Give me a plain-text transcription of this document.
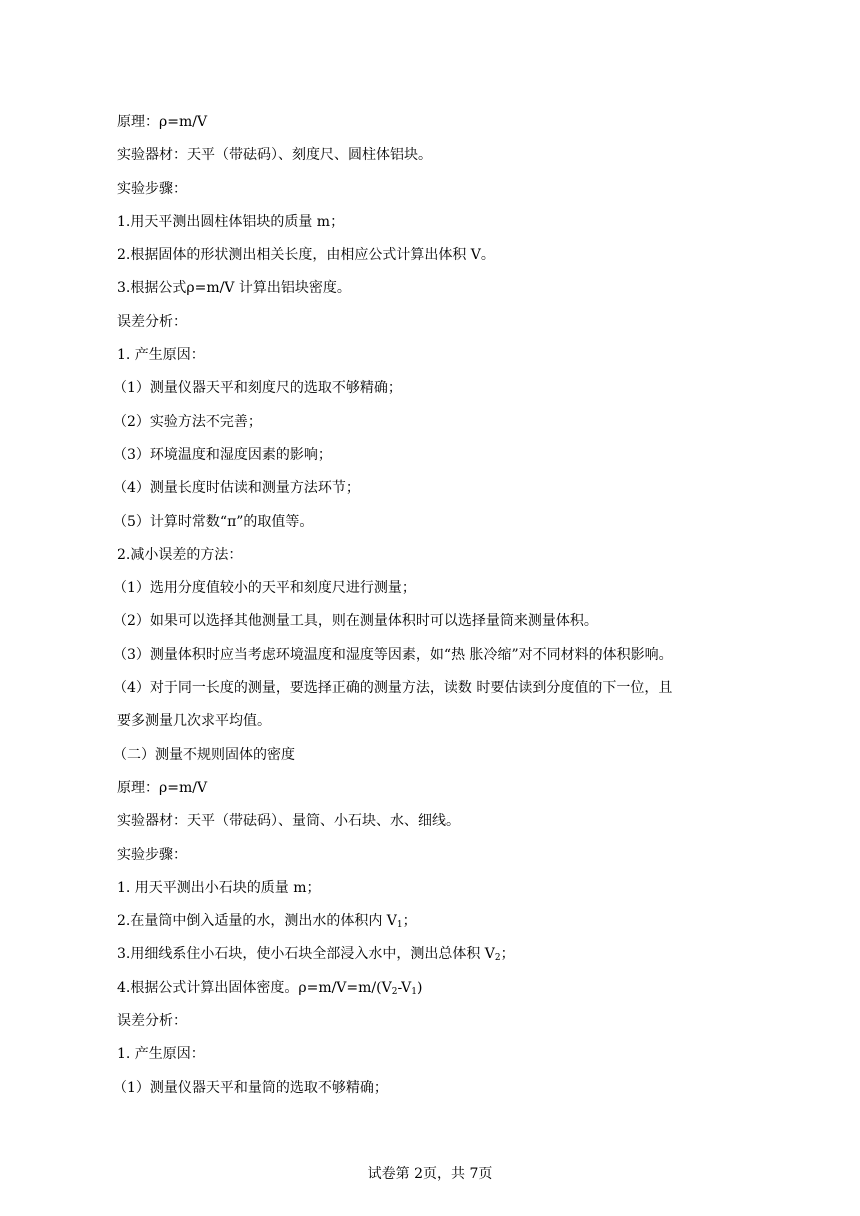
原理：ρ=m/V
实验器材：天平（带砝码）、刻度尺、圆柱体铝块。
实验步骤：
1.用天平测出圆柱体铝块的质量 m；
2.根据固体的形状测出相关长度，由相应公式计算出体积 V。
3.根据公式ρ=m/V 计算出铝块密度。
误差分析：
1. 产生原因：
（1）测量仪器天平和刻度尺的选取不够精确；
（2）实验方法不完善；
（3）环境温度和湿度因素的影响；
（4）测量长度时估读和测量方法环节；
（5）计算时常数“π”的取值等。
2.减小误差的方法：
（1）选用分度值较小的天平和刻度尺进行测量；
（2）如果可以选择其他测量工具，则在测量体积时可以选择量筒来测量体积。
（3）测量体积时应当考虑环境温度和湿度等因素，如“热 胀冷缩”对不同材料的体积影响。
（4）对于同一长度的测量，要选择正确的测量方法，读数 时要估读到分度值的下一位，且
要多测量几次求平均值。
（二）测量不规则固体的密度
原理：ρ=m/V
实验器材：天平（带砝码）、量筒、小石块、水、细线。
实验步骤：
1. 用天平测出小石块的质量 m；
2.在量筒中倒入适量的水，测出水的体积内 $V_1$；
3.用细线系住小石块，使小石块全部浸入水中，测出总体积 $V_2$；
4.根据公式计算出固体密度。$\rho=m/V=m/(V_2-V_1)$
误差分析：
1. 产生原因：
（1）测量仪器天平和量筒的选取不够精确；
试卷第 2页，共 7页
